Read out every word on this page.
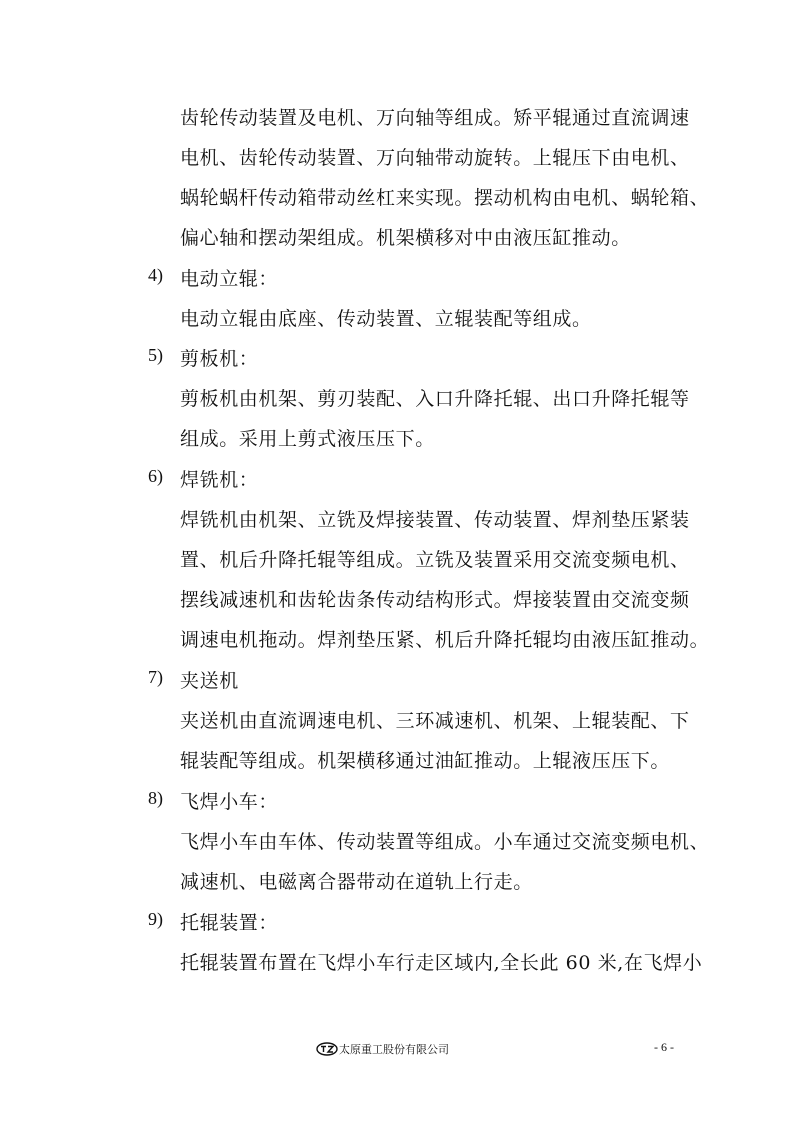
齿轮传动装置及电机、万向轴等组成。矫平辊通过直流调速
电机、齿轮传动装置、万向轴带动旋转。上辊压下由电机、
蜗轮蜗杆传动箱带动丝杠来实现。摆动机构由电机、蜗轮箱、
偏心轴和摆动架组成。机架横移对中由液压缸推动。
4) 电动立辊：
电动立辊由底座、传动装置、立辊装配等组成。
5) 剪板机：
剪板机由机架、剪刃装配、入口升降托辊、出口升降托辊等
组成。采用上剪式液压压下。
6) 焊铣机：
焊铣机由机架、立铣及焊接装置、传动装置、焊剂垫压紧装
置、机后升降托辊等组成。立铣及装置采用交流变频电机、
摆线减速机和齿轮齿条传动结构形式。焊接装置由交流变频
调速电机拖动。焊剂垫压紧、机后升降托辊均由液压缸推动。
7) 夹送机
夹送机由直流调速电机、三环减速机、机架、上辊装配、下
辊装配等组成。机架横移通过油缸推动。上辊液压压下。
8) 飞焊小车：
飞焊小车由车体、传动装置等组成。小车通过交流变频电机、
减速机、电磁离合器带动在道轨上行走。
9) 托辊装置：
托辊装置布置在飞焊小车行走区域内,全长此 60 米,在飞焊小
太原重工股份有限公司	- 6 -
